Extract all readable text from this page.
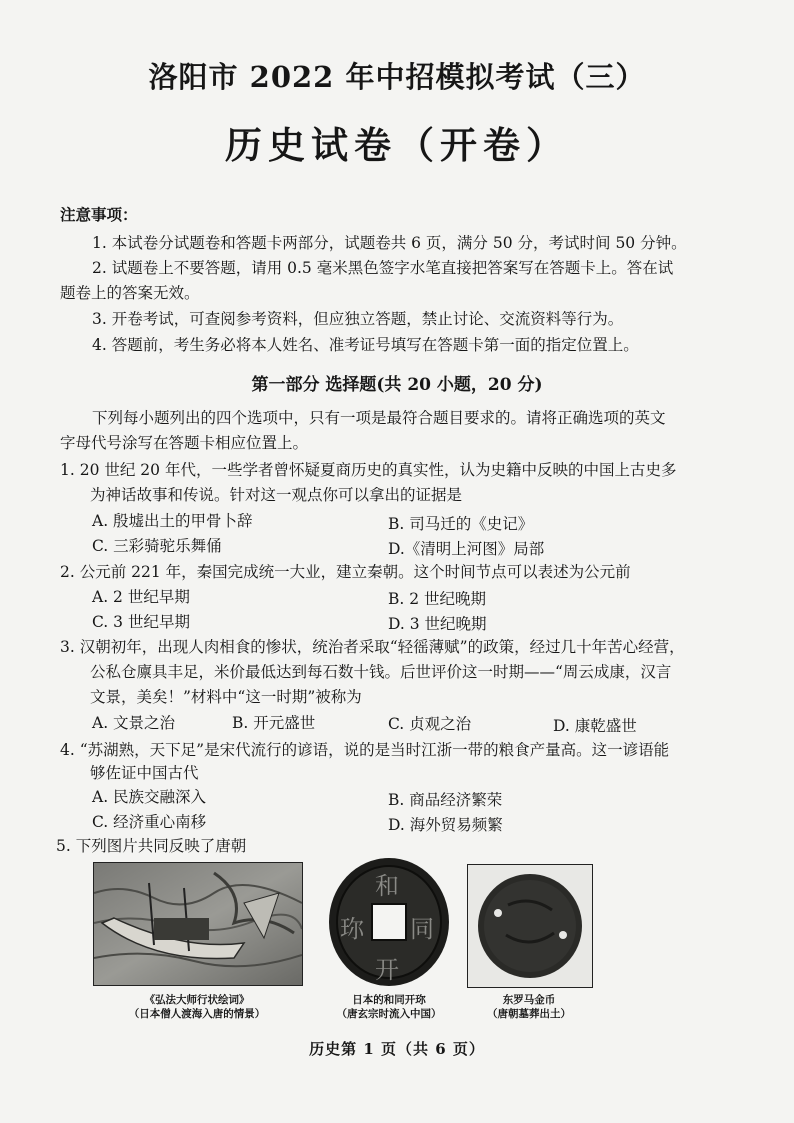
洛阳市 2022 年中招模拟考试（三）
历史试卷（开卷）
注意事项：
1. 本试卷分试题卷和答题卡两部分，试题卷共 6 页，满分 50 分，考试时间 50 分钟。
2. 试题卷上不要答题，请用 0.5 毫米黑色签字水笔直接把答案写在答题卡上。答在试
题卷上的答案无效。
3. 开卷考试，可查阅参考资料，但应独立答题，禁止讨论、交流资料等行为。
4. 答题前，考生务必将本人姓名、准考证号填写在答题卡第一面的指定位置上。
第一部分 选择题(共 20 小题，20 分)
下列每小题列出的四个选项中，只有一项是最符合题目要求的。请将正确选项的英文
字母代号涂写在答题卡相应位置上。
1. 20 世纪 20 年代，一些学者曾怀疑夏商历史的真实性，认为史籍中反映的中国上古史多
为神话故事和传说。针对这一观点你可以拿出的证据是
A. 殷墟出土的甲骨卜辞	B. 司马迁的《史记》
C. 三彩骑驼乐舞俑	D.《清明上河图》局部
2. 公元前 221 年，秦国完成统一大业，建立秦朝。这个时间节点可以表述为公元前
A. 2 世纪早期	B. 2 世纪晚期
C. 3 世纪早期	D. 3 世纪晚期
3. 汉朝初年，出现人肉相食的惨状，统治者采取“轻徭薄赋”的政策，经过几十年苦心经营，
公私仓廪具丰足，米价最低达到每石数十钱。后世评价这一时期——“周云成康，汉言
文景，美矣！”材料中“这一时期”被称为
A. 文景之治	B. 开元盛世	C. 贞观之治	D. 康乾盛世
4. “苏湖熟，天下足”是宋代流行的谚语，说的是当时江浙一带的粮食产量高。这一谚语能
够佐证中国古代
A. 民族交融深入	B. 商品经济繁荣
C. 经济重心南移	D. 海外贸易频繁
5. 下列图片共同反映了唐朝
《弘法大师行状绘词》
（日本僧人渡海入唐的情景）
和
同
开
珎
日本的和同开珎
（唐玄宗时流入中国）
东罗马金币
（唐朝墓葬出土）
历史第 1 页（共 6 页）
